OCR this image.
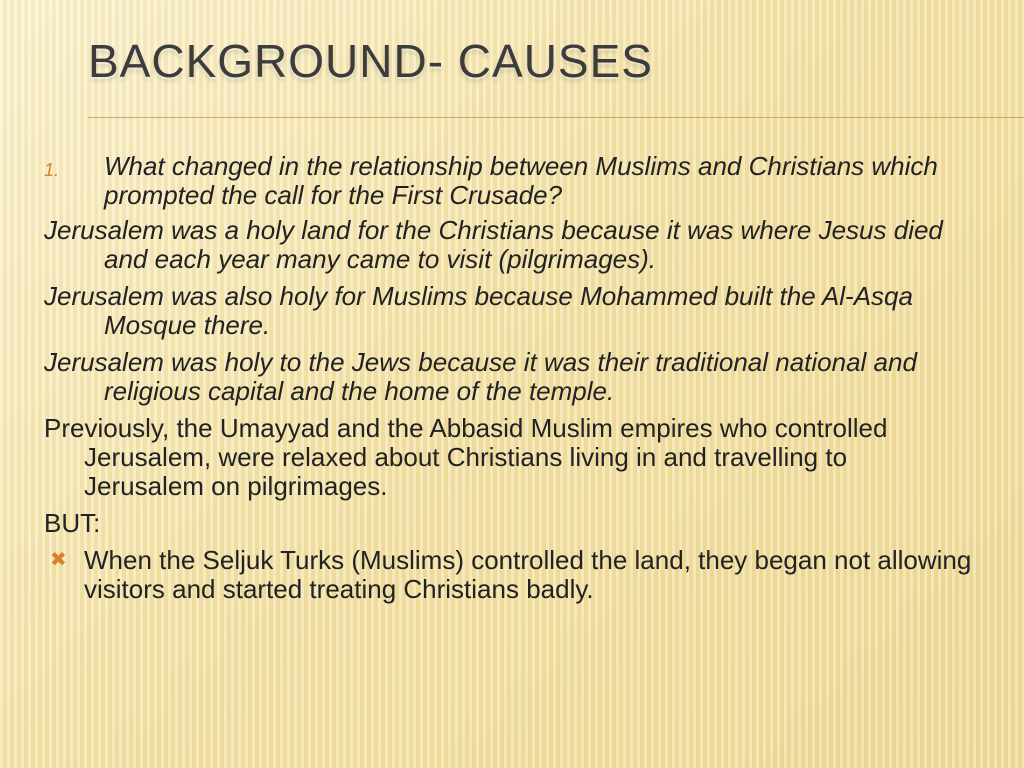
BACKGROUND- CAUSES
1.	What changed in the relationship between Muslims and Christians which prompted the call for the First Crusade?
Jerusalem was a holy land for the Christians because it was where Jesus died and each year many came to visit (pilgrimages).
Jerusalem was also holy for Muslims because Mohammed built the Al-Asqa Mosque there.
Jerusalem was holy to the Jews because it was their traditional national and religious capital and the home of the temple.
Previously, the Umayyad and the Abbasid Muslim empires who controlled Jerusalem, were relaxed about Christians living in and travelling to Jerusalem on pilgrimages.
BUT:
✖ When the Seljuk Turks (Muslims) controlled the land, they began not allowing visitors and started treating Christians badly.
